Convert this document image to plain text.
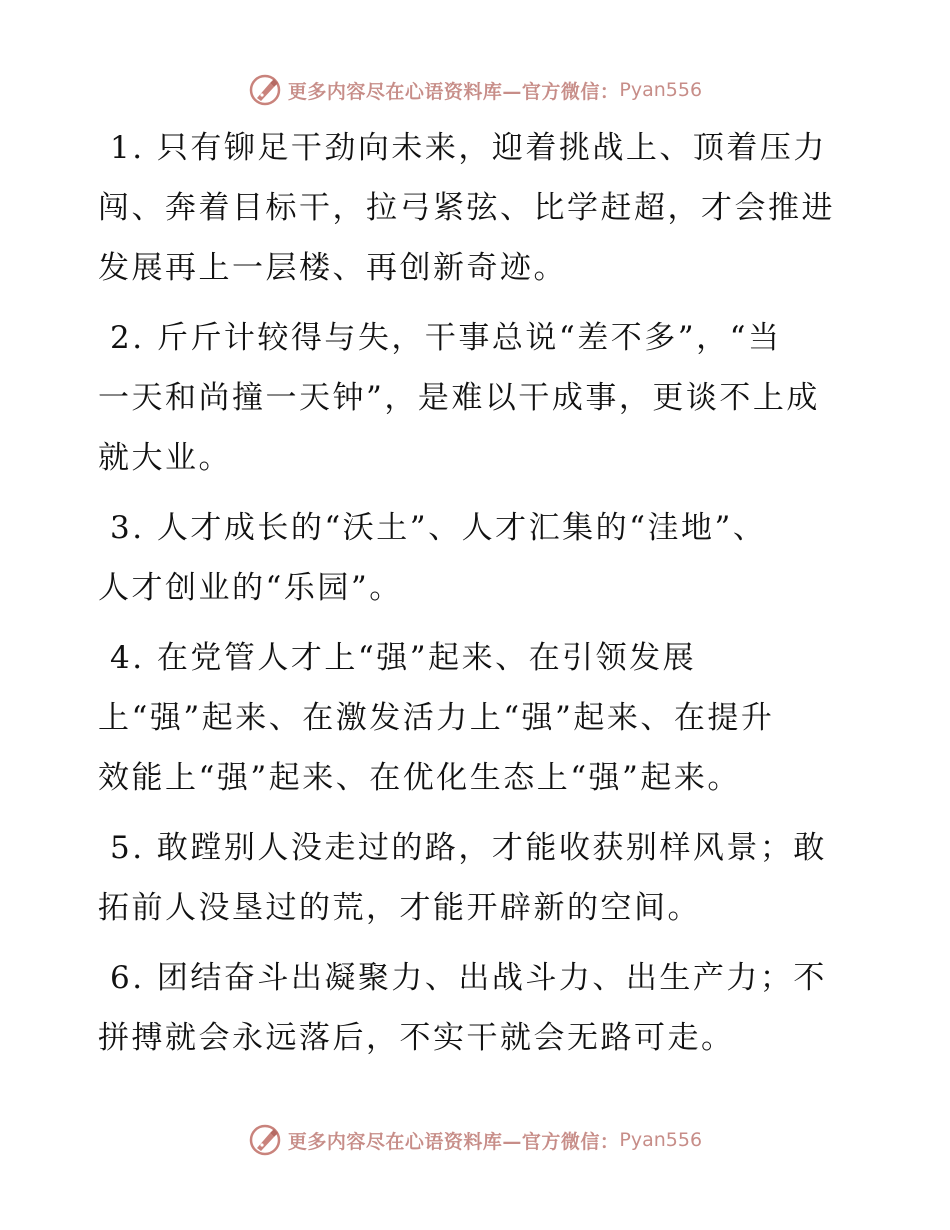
更多内容尽在心语资料库—官方微信： Pyan556
1. 只有铆足干劲向未来，迎着挑战上、顶着压力
闯、奔着目标干，拉弓紧弦、比学赶超，才会推进
发展再上一层楼、再创新奇迹。
2. 斤斤计较得与失，干事总说“差不多”，“当
一天和尚撞一天钟”，是难以干成事，更谈不上成
就大业。
3. 人才成长的“沃土”、人才汇集的“洼地”、
人才创业的“乐园”。
4. 在党管人才上“强”起来、在引领发展
上“强”起来、在激发活力上“强”起来、在提升
效能上“强”起来、在优化生态上“强”起来。
5. 敢蹚别人没走过的路，才能收获别样风景；敢
拓前人没垦过的荒，才能开辟新的空间。
6. 团结奋斗出凝聚力、出战斗力、出生产力；不
拼搏就会永远落后，不实干就会无路可走。
更多内容尽在心语资料库—官方微信： Pyan556
